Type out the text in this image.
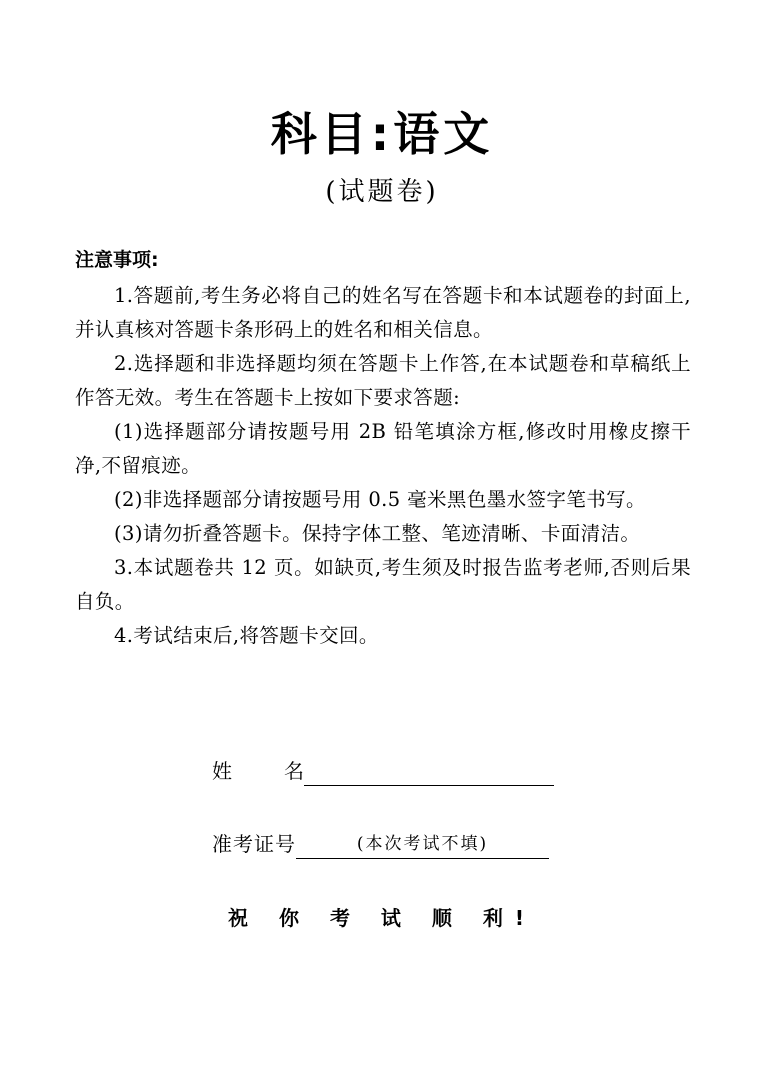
科目:语文
(试题卷)
注意事项:

1.答题前,考生务必将自己的姓名写在答题卡和本试题卷的封面上,并认真核对答题卡条形码上的姓名和相关信息。

2.选择题和非选择题均须在答题卡上作答,在本试题卷和草稿纸上作答无效。考生在答题卡上按如下要求答题:

(1)选择题部分请按题号用 2B 铅笔填涂方框,修改时用橡皮擦干净,不留痕迹。

(2)非选择题部分请按题号用 0.5 毫米黑色墨水签字笔书写。

(3)请勿折叠答题卡。保持字体工整、笔迹清晰、卡面清洁。

3.本试题卷共 12 页。如缺页,考生须及时报告监考老师,否则后果自负。

4.考试结束后,将答题卡交回。

姓	名
准考证号	(本次考试不填)
祝 你 考 试 顺 利!
